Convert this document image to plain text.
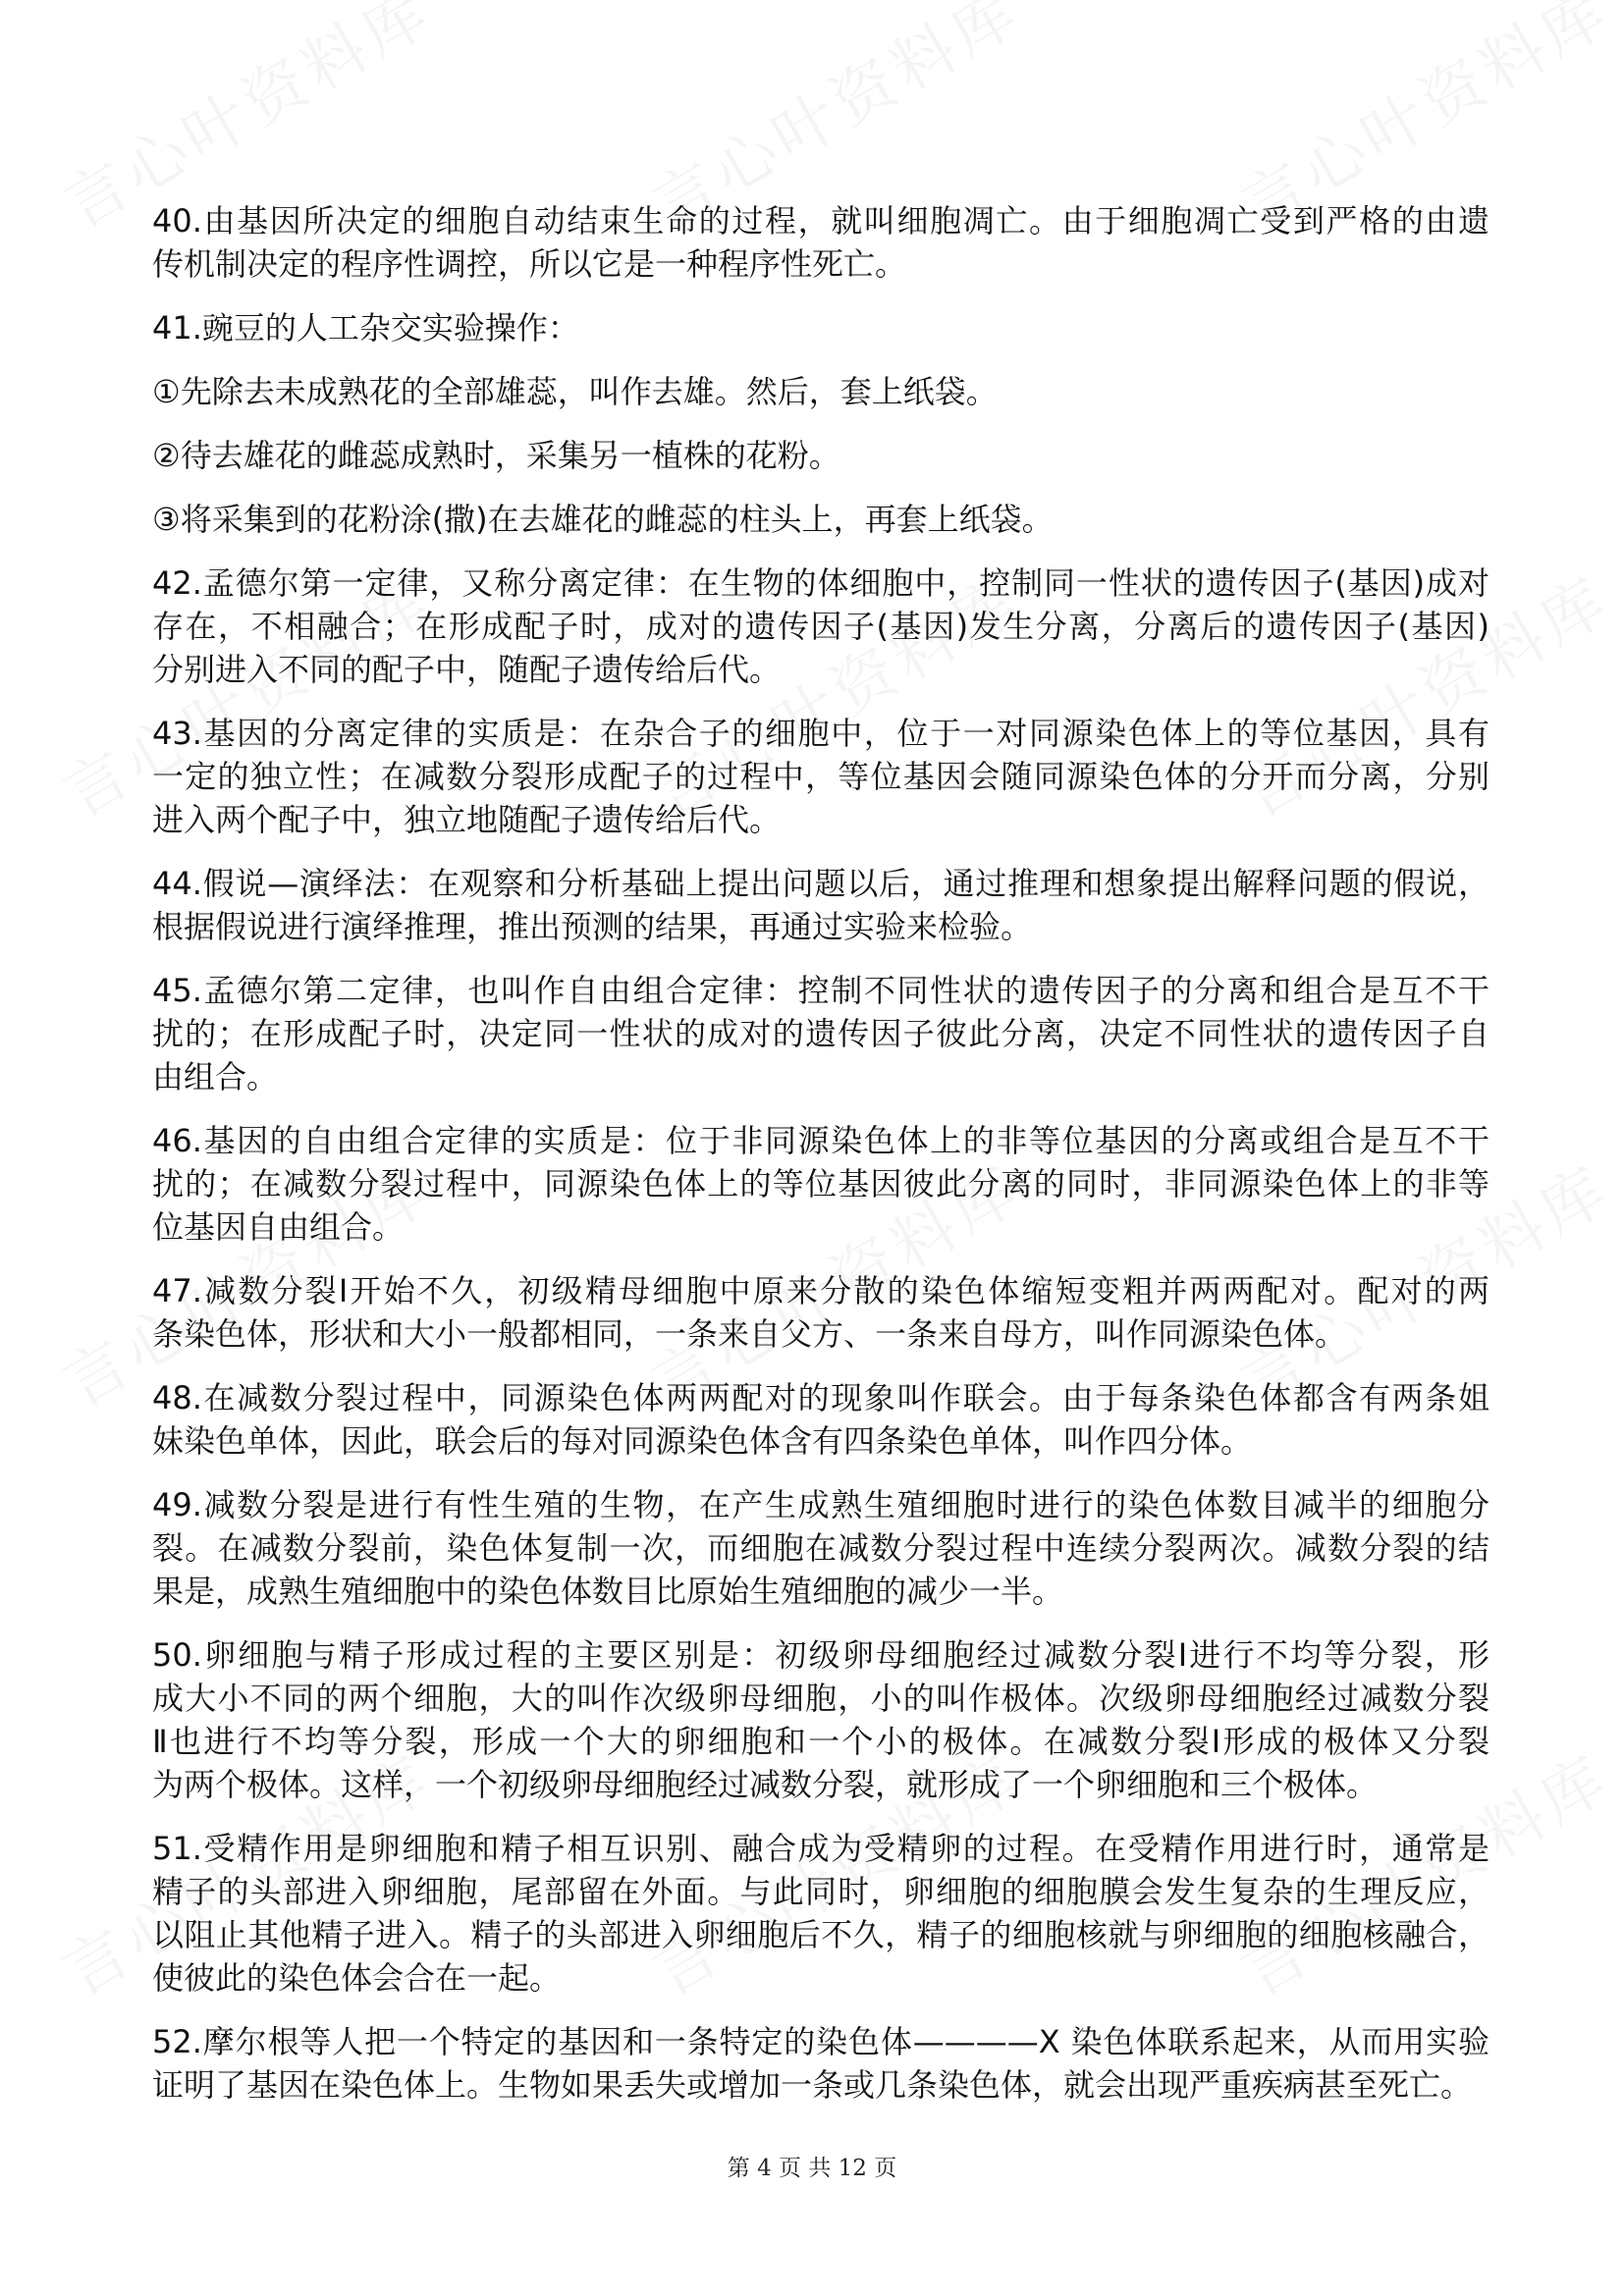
40.由基因所决定的细胞自动结束生命的过程，就叫细胞凋亡。由于细胞凋亡受到严格的由遗
传机制决定的程序性调控，所以它是一种程序性死亡。
41.豌豆的人工杂交实验操作：
①先除去未成熟花的全部雄蕊，叫作去雄。然后，套上纸袋。
②待去雄花的雌蕊成熟时，采集另一植株的花粉。
③将采集到的花粉涂(撒)在去雄花的雌蕊的柱头上，再套上纸袋。
42.孟德尔第一定律，又称分离定律：在生物的体细胞中，控制同一性状的遗传因子(基因)成对
存在，不相融合；在形成配子时，成对的遗传因子(基因)发生分离，分离后的遗传因子(基因)
分别进入不同的配子中，随配子遗传给后代。
43.基因的分离定律的实质是：在杂合子的细胞中，位于一对同源染色体上的等位基因，具有
一定的独立性；在减数分裂形成配子的过程中，等位基因会随同源染色体的分开而分离，分别
进入两个配子中，独立地随配子遗传给后代。
44.假说—演绎法：在观察和分析基础上提出问题以后，通过推理和想象提出解释问题的假说，
根据假说进行演绎推理，推出预测的结果，再通过实验来检验。
45.孟德尔第二定律，也叫作自由组合定律：控制不同性状的遗传因子的分离和组合是互不干
扰的；在形成配子时，决定同一性状的成对的遗传因子彼此分离，决定不同性状的遗传因子自
由组合。
46.基因的自由组合定律的实质是：位于非同源染色体上的非等位基因的分离或组合是互不干
扰的；在减数分裂过程中，同源染色体上的等位基因彼此分离的同时，非同源染色体上的非等
位基因自由组合。
47.减数分裂Ⅰ开始不久，初级精母细胞中原来分散的染色体缩短变粗并两两配对。配对的两
条染色体，形状和大小一般都相同，一条来自父方、一条来自母方，叫作同源染色体。
48.在减数分裂过程中，同源染色体两两配对的现象叫作联会。由于每条染色体都含有两条姐
妹染色单体，因此，联会后的每对同源染色体含有四条染色单体，叫作四分体。
49.减数分裂是进行有性生殖的生物，在产生成熟生殖细胞时进行的染色体数目减半的细胞分
裂。在减数分裂前，染色体复制一次，而细胞在减数分裂过程中连续分裂两次。减数分裂的结
果是，成熟生殖细胞中的染色体数目比原始生殖细胞的减少一半。
50.卵细胞与精子形成过程的主要区别是：初级卵母细胞经过减数分裂Ⅰ进行不均等分裂，形
成大小不同的两个细胞，大的叫作次级卵母细胞，小的叫作极体。次级卵母细胞经过减数分裂
Ⅱ也进行不均等分裂，形成一个大的卵细胞和一个小的极体。在减数分裂Ⅰ形成的极体又分裂
为两个极体。这样，一个初级卵母细胞经过减数分裂，就形成了一个卵细胞和三个极体。
51.受精作用是卵细胞和精子相互识别、融合成为受精卵的过程。在受精作用进行时，通常是
精子的头部进入卵细胞，尾部留在外面。与此同时，卵细胞的细胞膜会发生复杂的生理反应，
以阻止其他精子进入。精子的头部进入卵细胞后不久，精子的细胞核就与卵细胞的细胞核融合，
使彼此的染色体会合在一起。
52.摩尔根等人把一个特定的基因和一条特定的染色体————X 染色体联系起来，从而用实验
证明了基因在染色体上。生物如果丢失或增加一条或几条染色体，就会出现严重疾病甚至死亡。
第 4 页 共 12 页
